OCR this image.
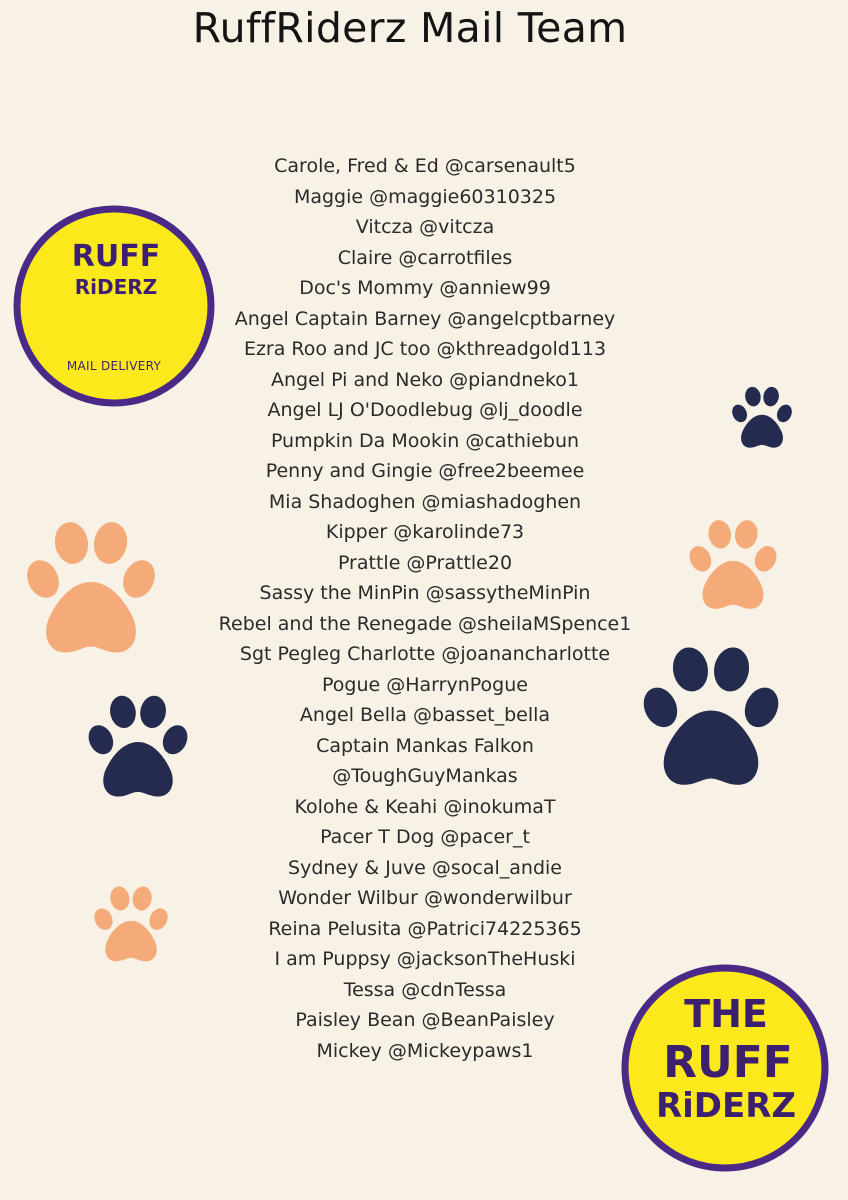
RuffRiderz Mail Team
RUFF
RiDERZ
MAIL DELIVERY
THE
RUFF
RiDERZ
Carole, Fred & Ed @carsenault5
Maggie @maggie60310325
Vitcza @vitcza
Claire @carrotfiles
Doc's Mommy @anniew99
Angel Captain Barney @angelcptbarney
Ezra Roo and JC too @kthreadgold113
Angel Pi and Neko @piandneko1
Angel LJ O'Doodlebug @lj_doodle
Pumpkin Da Mookin @cathiebun
Penny and Gingie @free2beemee
Mia Shadoghen @miashadoghen
Kipper @karolinde73
Prattle @Prattle20
Sassy the MinPin @sassytheMinPin
Rebel and the Renegade @sheilaMSpence1
Sgt Pegleg Charlotte @joanancharlotte
Pogue @HarrynPogue
Angel Bella @basset_bella
Captain Mankas Falkon
@ToughGuyMankas
Kolohe & Keahi @inokumaT
Pacer T Dog @pacer_t
Sydney & Juve @socal_andie
Wonder Wilbur @wonderwilbur
Reina Pelusita @Patrici74225365
I am Puppsy @jacksonTheHuski
Tessa @cdnTessa
Paisley Bean @BeanPaisley
Mickey @Mickeypaws1
